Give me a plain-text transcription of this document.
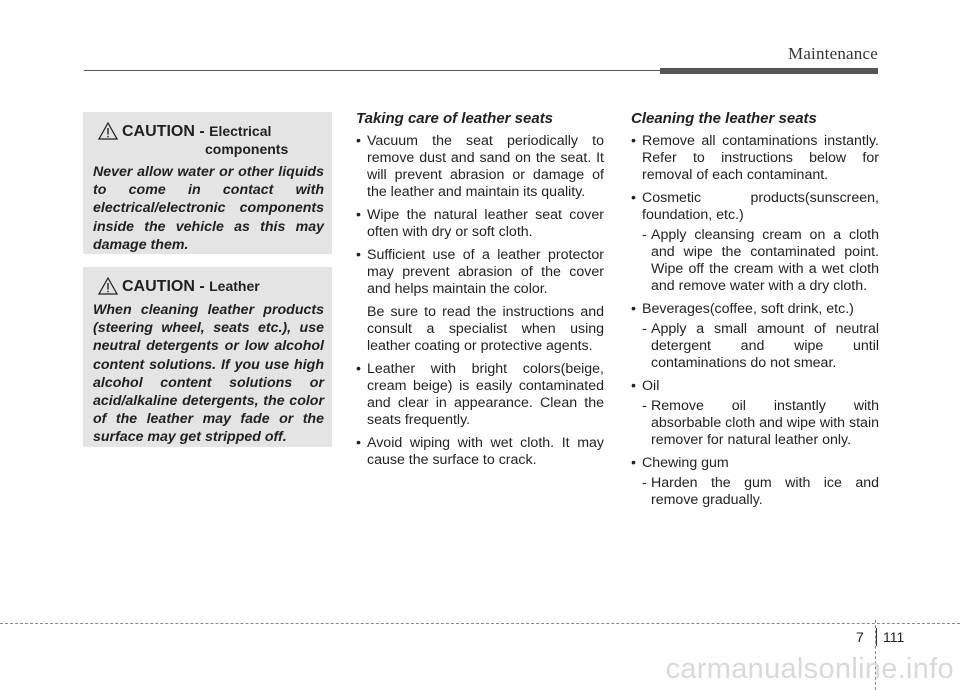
Maintenance
CAUTION - Electrical
components
Never allow water or other liquids to come in contact with electrical/electronic components inside the vehicle as this may damage them.
CAUTION - Leather
When cleaning leather products (steering wheel, seats etc.), use neutral detergents or low alcohol content solutions. If you use high alcohol content solutions or acid/alkaline detergents, the color of the leather may fade or the surface may get stripped off.
Taking care of leather seats
• Vacuum the seat periodically to remove dust and sand on the seat. It will prevent abrasion or damage of the leather and maintain its quality.
• Wipe the natural leather seat cover often with dry or soft cloth.
• Sufficient use of a leather protector may prevent abrasion of the cover and helps maintain the color.
Be sure to read the instructions and consult a specialist when using leather coating or protective agents.
• Leather with bright colors(beige, cream beige) is easily contaminated and clear in appearance. Clean the seats frequently.
• Avoid wiping with wet cloth. It may cause the surface to crack.
Cleaning the leather seats
• Remove all contaminations instantly. Refer to instructions below for removal of each contaminant.
• Cosmetic products(sunscreen, foundation, etc.)
- Apply cleansing cream on a cloth and wipe the contaminated point. Wipe off the cream with a wet cloth and remove water with a dry cloth.
• Beverages(coffee, soft drink, etc.)
- Apply a small amount of neutral detergent and wipe until contaminations do not smear.
• Oil
- Remove oil instantly with absorbable cloth and wipe with stain remover for natural leather only.
• Chewing gum
- Harden the gum with ice and remove gradually.
7 111
carmanualsonline.info
